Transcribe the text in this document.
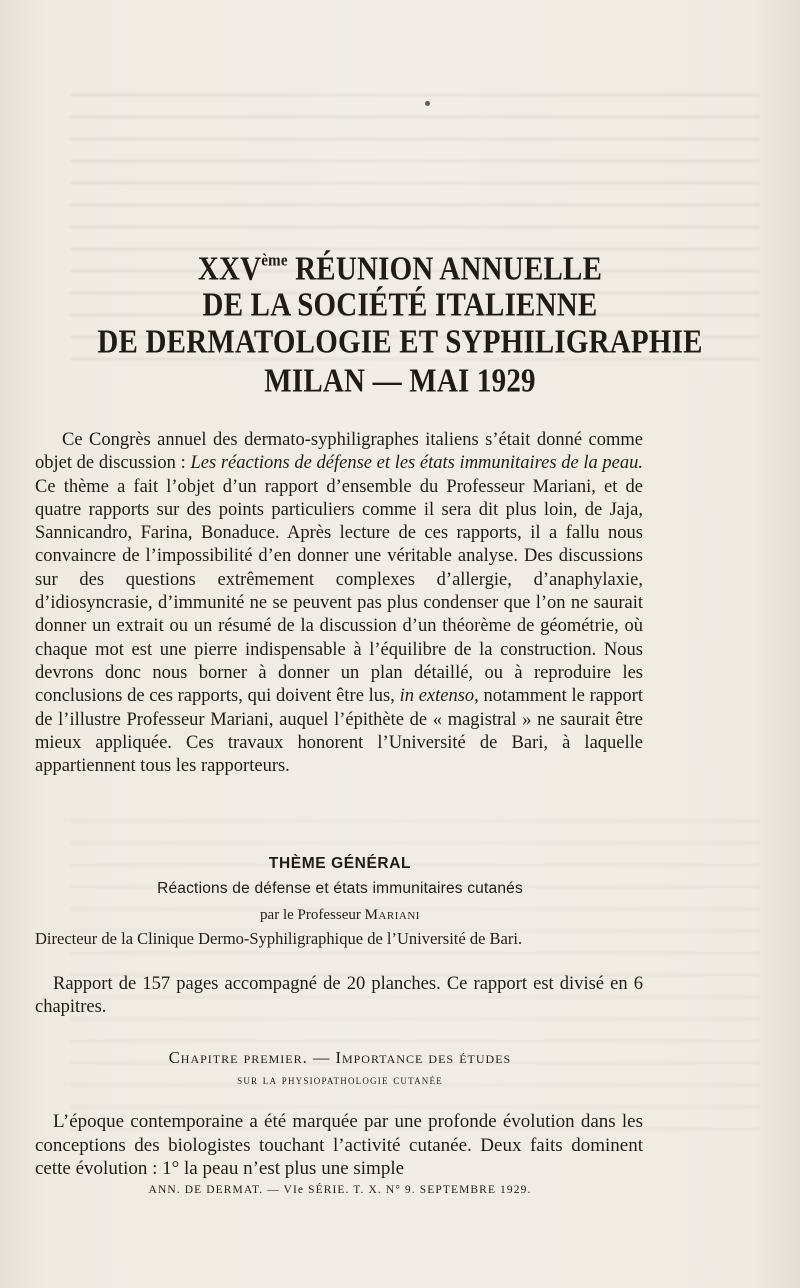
XXVème RÉUNION ANNUELLE
DE LA SOCIÉTÉ ITALIENNE
DE DERMATOLOGIE ET SYPHILIGRAPHIE
MILAN — MAI 1929
Ce Congrès annuel des dermato-syphiligraphes italiens s’était donné comme objet de discussion : Les réactions de défense et les états immunitaires de la peau. Ce thème a fait l’objet d’un rapport d’ensemble du Professeur Mariani, et de quatre rapports sur des points particuliers comme il sera dit plus loin, de Jaja, Sannicandro, Farina, Bonaduce. Après lecture de ces rapports, il a fallu nous convaincre de l’impossibilité d’en donner une véritable analyse. Des discussions sur des questions extrêmement complexes d’allergie, d’anaphylaxie, d’idiosyncrasie, d’immunité ne se peuvent pas plus condenser que l’on ne saurait donner un extrait ou un résumé de la discussion d’un théorème de géométrie, où chaque mot est une pierre indispensable à l’équilibre de la construction. Nous devrons donc nous borner à donner un plan détaillé, ou à reproduire les conclusions de ces rapports, qui doivent être lus, in extenso, notamment le rapport de l’illustre Professeur Mariani, auquel l’épithète de « magistral » ne saurait être mieux appliquée. Ces travaux honorent l’Université de Bari, à laquelle appartiennent tous les rapporteurs.
THÈME GÉNÉRAL
Réactions de défense et états immunitaires cutanés
par le Professeur Mariani
Directeur de la Clinique Dermo-Syphiligraphique de l’Université de Bari.
Rapport de 157 pages accompagné de 20 planches. Ce rapport est divisé en 6 chapitres.
Chapitre premier. — Importance des études
sur la physiopathologie cutanée
L’époque contemporaine a été marquée par une profonde évolution dans les conceptions des biologistes touchant l’activité cutanée. Deux faits dominent cette évolution : 1° la peau n’est plus une simple
ANN. DE DERMAT. — VIe SÉRIE. T. X. N° 9. SEPTEMBRE 1929.
